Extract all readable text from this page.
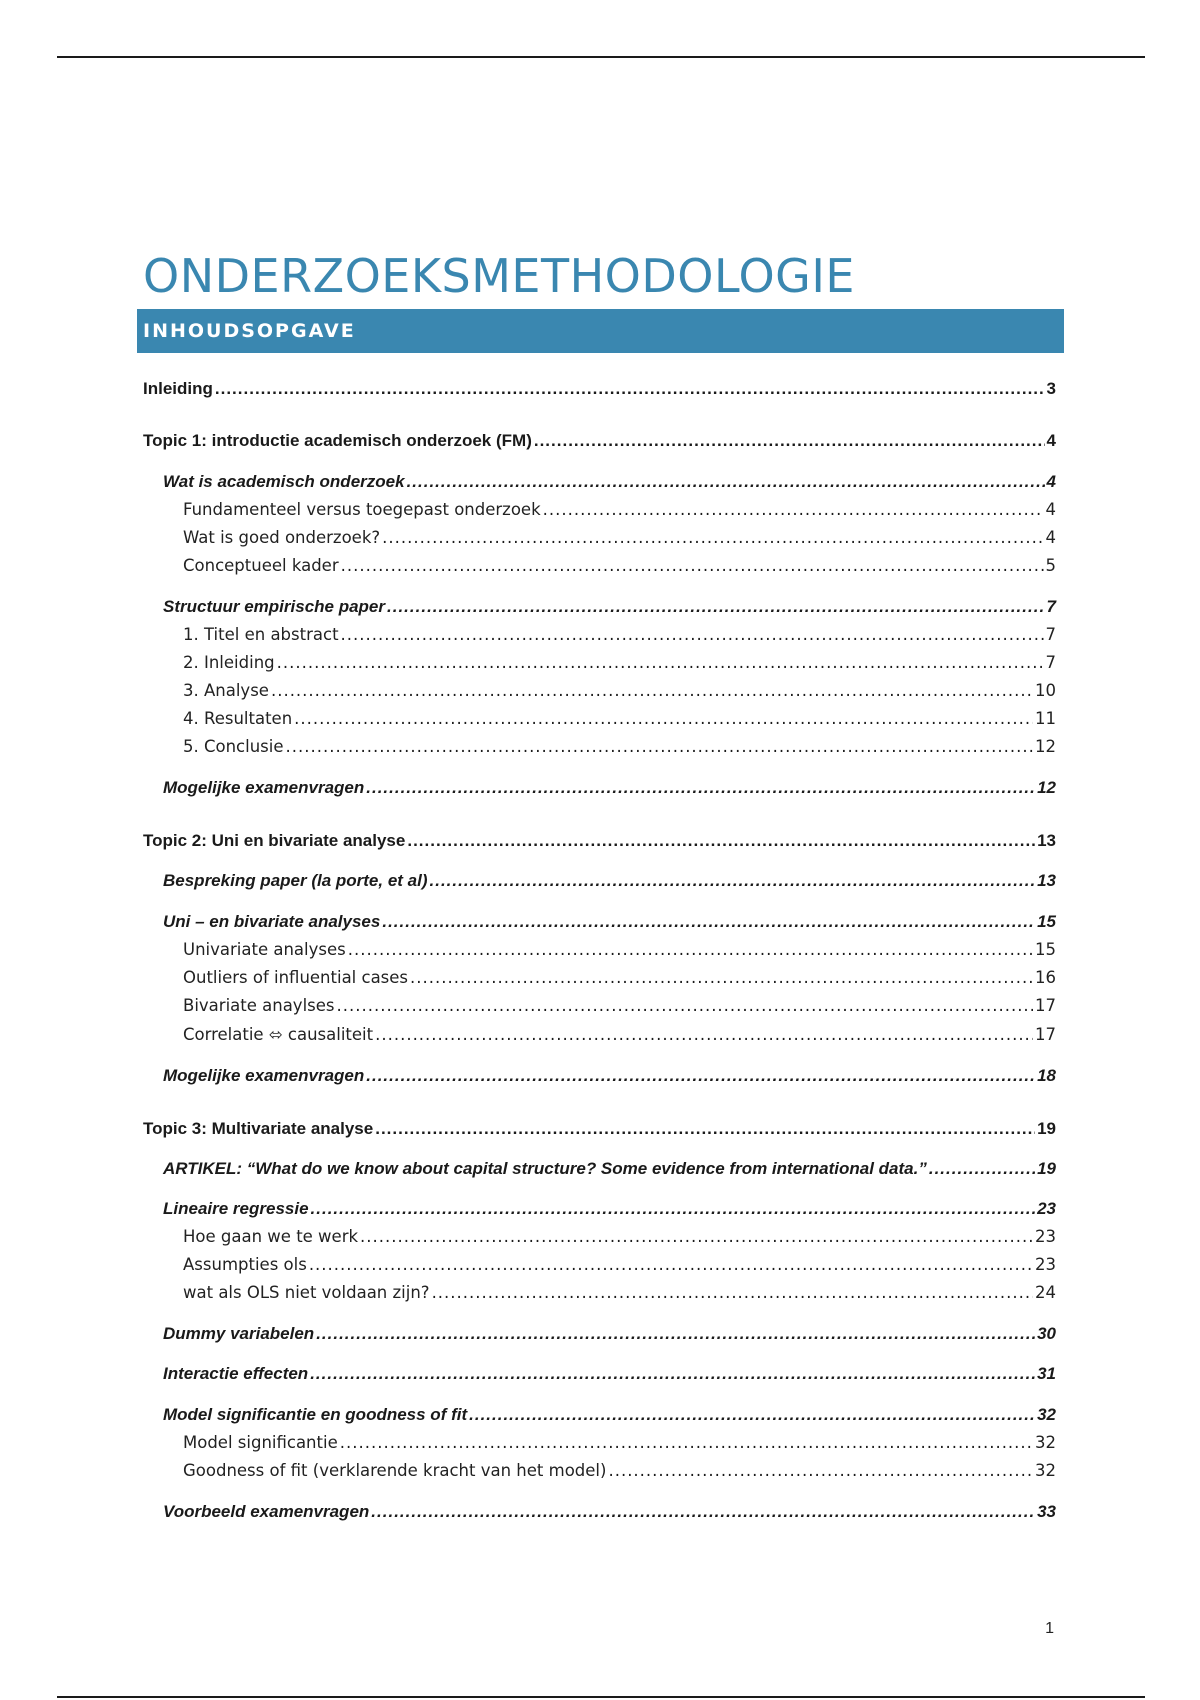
ONDERZOEKSMETHODOLOGIE
INHOUDSOPGAVE
Inleiding .....	3
Topic 1: introductie academisch onderzoek (FM) .....	4
Wat is academisch onderzoek .....	4
Fundamenteel versus toegepast onderzoek .....	4
Wat is goed onderzoek? .....	4
Conceptueel kader .....	5
Structuur empirische paper .....	7
1. Titel en abstract .....	7
2. Inleiding .....	7
3. Analyse .....	10
4. Resultaten .....	11
5. Conclusie .....	12
Mogelijke examenvragen .....	12
Topic 2: Uni en bivariate analyse .....	13
Bespreking paper (la porte, et al) .....	13
Uni – en bivariate analyses .....	15
Univariate analyses .....	15
Outliers of influential cases .....	16
Bivariate anaylses .....	17
Correlatie ⬄ causaliteit .....	17
Mogelijke examenvragen .....	18
Topic 3: Multivariate analyse .....	19
ARTIKEL: “What do we know about capital structure? Some evidence from international data.” .....	19
Lineaire regressie .....	23
Hoe gaan we te werk .....	23
Assumpties ols .....	23
wat als OLS niet voldaan zijn? .....	24
Dummy variabelen .....	30
Interactie effecten .....	31
Model significantie en goodness of fit .....	32
Model significantie .....	32
Goodness of fit (verklarende kracht van het model) .....	32
Voorbeeld examenvragen .....	33
1
